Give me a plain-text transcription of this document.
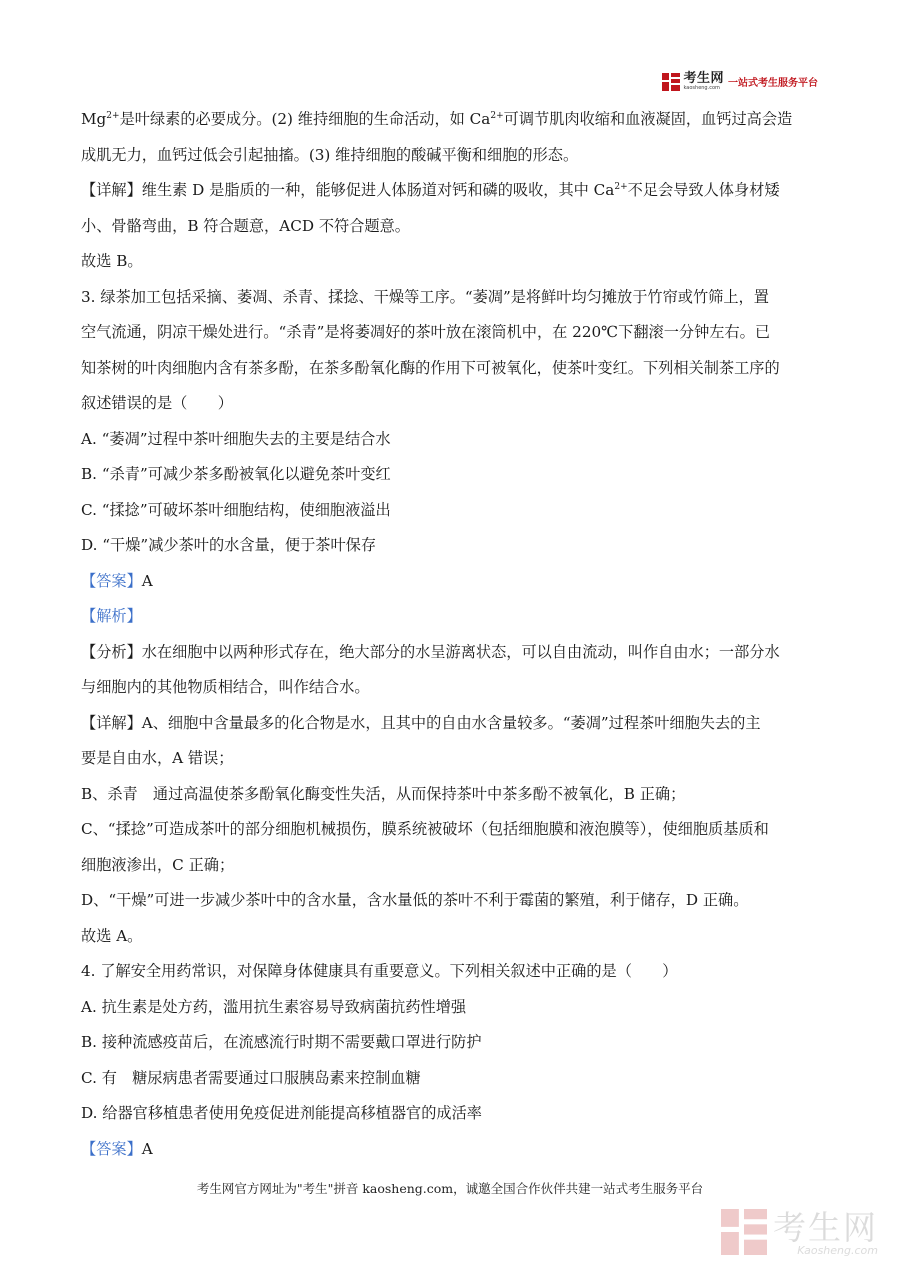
考生网
kaosheng.com 一站式考生服务平台
$Mg^{2+}$是叶绿素的必要成分。(2) 维持细胞的生命活动，如 $Ca^{2+}$可调节肌肉收缩和血液凝固，血钙过高会造
成肌无力，血钙过低会引起抽搐。(3) 维持细胞的酸碱平衡和细胞的形态。
【详解】维生素 D 是脂质的一种，能够促进人体肠道对钙和磷的吸收，其中 $Ca^{2+}$不足会导致人体身材矮
小、骨骼弯曲，B 符合题意，ACD 不符合题意。
故选 B。
3. 绿茶加工包括采摘、萎凋、杀青、揉捻、干燥等工序。“萎凋”是将鲜叶均匀摊放于竹帘或竹筛上，置
空气流通，阴凉干燥处进行。“杀青”是将萎凋好的茶叶放在滚筒机中，在 220℃下翻滚一分钟左右。已
知茶树的叶肉细胞内含有茶多酚，在茶多酚氧化酶的作用下可被氧化，使茶叶变红。下列相关制茶工序的
叙述错误的是（　　）
A. “萎凋”过程中茶叶细胞失去的主要是结合水
B. “杀青”可减少茶多酚被氧化以避免茶叶变红
C. “揉捻”可破坏茶叶细胞结构，使细胞液溢出
D. “干燥”减少茶叶的水含量，便于茶叶保存
【答案】A
【解析】
【分析】水在细胞中以两种形式存在，绝大部分的水呈游离状态，可以自由流动，叫作自由水；一部分水
与细胞内的其他物质相结合，叫作结合水。
【详解】A、细胞中含量最多的化合物是水，且其中的自由水含量较多。“萎凋”过程茶叶细胞失去的主
要是自由水，A 错误；
B、杀青　通过高温使茶多酚氧化酶变性失活，从而保持茶叶中茶多酚不被氧化，B 正确；
C、“揉捻”可造成茶叶的部分细胞机械损伤，膜系统被破坏（包括细胞膜和液泡膜等），使细胞质基质和
细胞液渗出，C 正确；
D、“干燥”可进一步减少茶叶中的含水量，含水量低的茶叶不利于霉菌的繁殖，利于储存，D 正确。
故选 A。
4. 了解安全用药常识，对保障身体健康具有重要意义。下列相关叙述中正确的是（　　）
A. 抗生素是处方药，滥用抗生素容易导致病菌抗药性增强
B. 接种流感疫苗后，在流感流行时期不需要戴口罩进行防护
C. 有　糖尿病患者需要通过口服胰岛素来控制血糖
D. 给器官移植患者使用免疫促进剂能提高移植器官的成活率
【答案】A
考生网官方网址为"考生"拼音 kaosheng.com，诚邀全国合作伙伴共建一站式考生服务平台
考生网
Kaosheng.com
